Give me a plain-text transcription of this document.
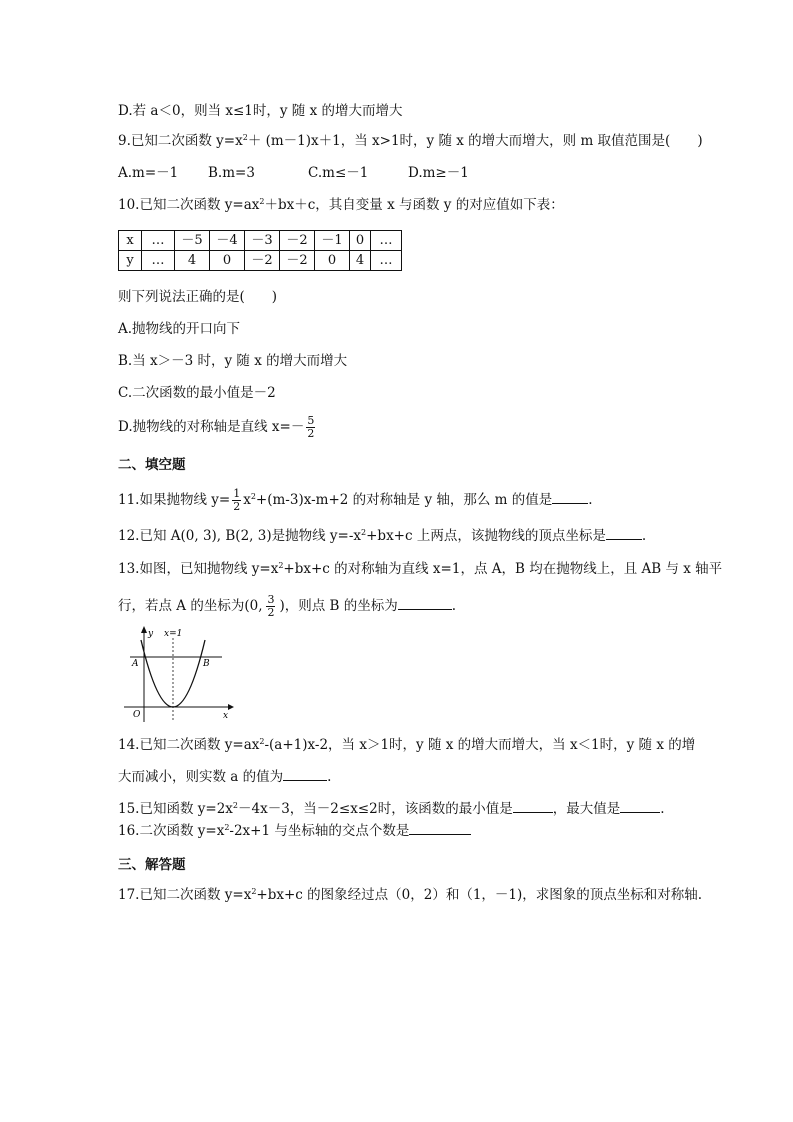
D.若 a＜0，则当 x≤1时，y 随 x 的增大而增大
9.已知二次函数 $y=x^2+ (m-1)x+1$，当 x>1时，y 随 x 的增大而增大，则 m 取值范围是(　　)
A.m=－1 B.m=3	C.m≤－1	D.m≥－1
10.已知二次函数 $y=ax^2+bx+c$，其自变量 x 与函数 y 的对应值如下表：
x	…	－5	－4	－3	－2	－1	0	…
y	…	4	0	－2	－2	0	4	…
则下列说法正确的是(　　)
A.抛物线的开口向下
B.当 x＞－3 时，y 随 x 的增大而增大
C.二次函数的最小值是－2
D.抛物线的对称轴是直线 $x=- \frac{5}{2}$
二、填空题
11.如果抛物线 $y= \frac{1}{2} x^2+(m-3)x-m+2$ 的对称轴是 y 轴，那么 m 的值是	.
12.已知 A(0, 3), B(2, 3)是抛物线 $y=-x^2+bx+c$ 上两点，该抛物线的顶点坐标是	.
13.如图，已知抛物线 $y=x^2+bx+c$ 的对称轴为直线 x=1，点 A，B 均在抛物线上，且 AB 与 x 轴平
行，若点 A 的坐标为(0, $\frac{3}{2}$ )，则点 B 的坐标为	.
y x=1
A	B
O	x
14.已知二次函数 $y=ax^2-(a+1)x-2$，当 x＞1时，y 随 x 的增大而增大，当 x＜1时，y 随 x 的增
大而减小，则实数 a 的值为	.
15.已知函数 $y=2x^2-4x-3$，当－2≤x≤2时，该函数的最小值是	，最大值是	.
16.二次函数 $y=x^2-2x+1$ 与坐标轴的交点个数是
三、解答题
17.已知二次函数 $y=x^2+bx+c$ 的图象经过点（0，2）和（1，－1)，求图象的顶点坐标和对称轴.
